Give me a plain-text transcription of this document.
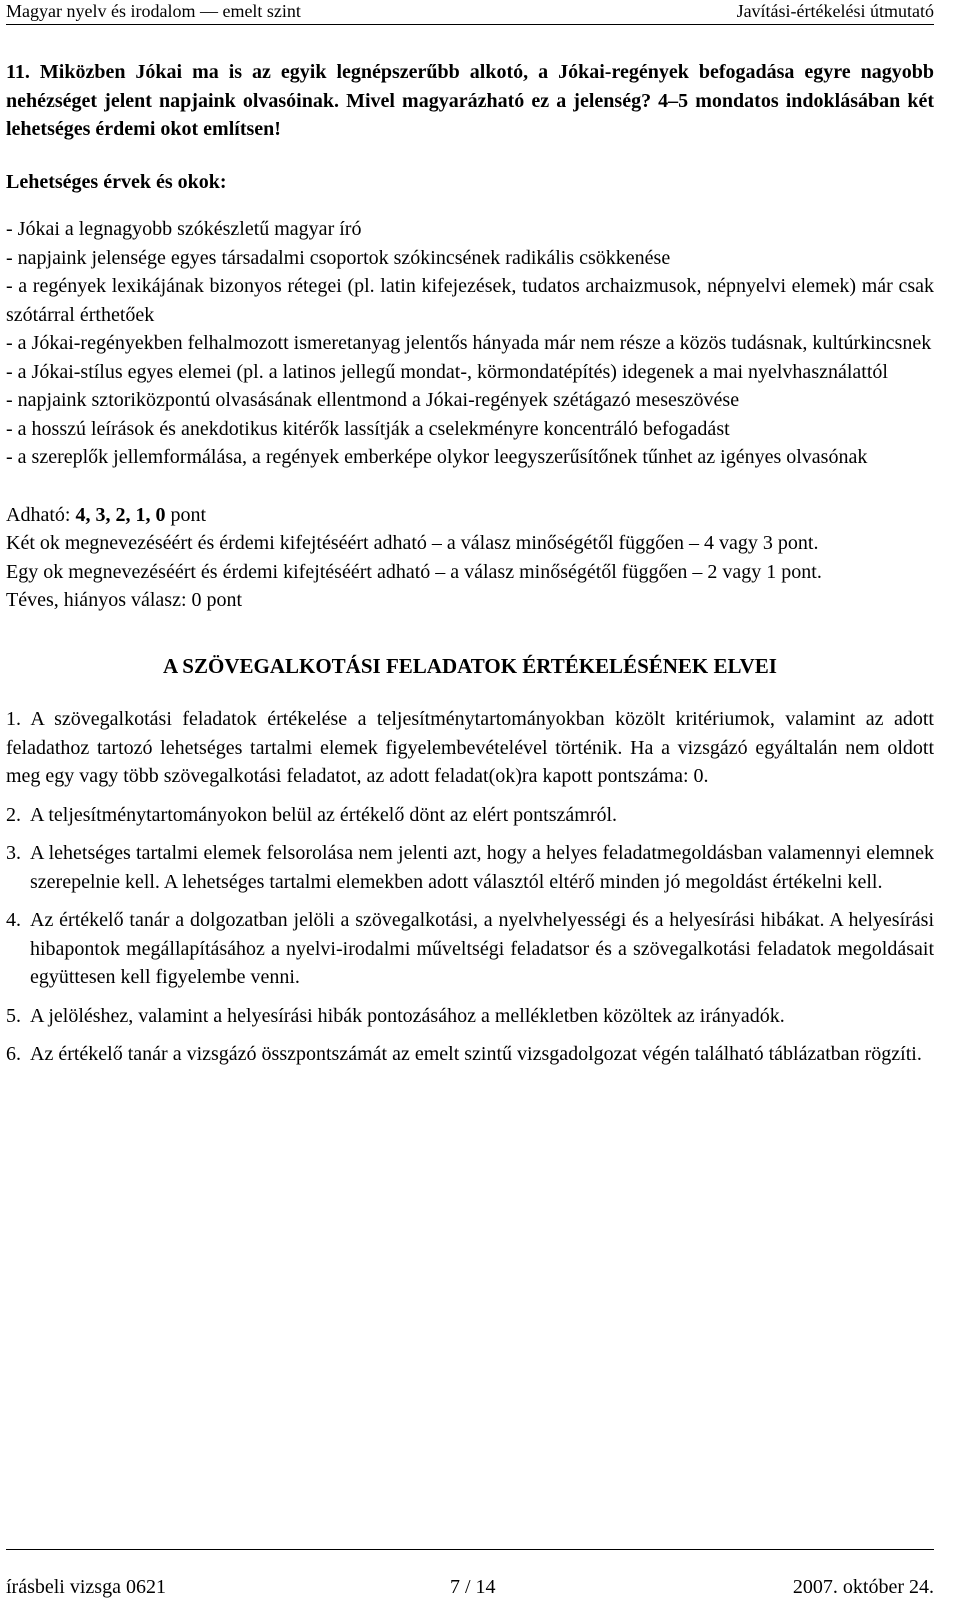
Magyar nyelv és irodalom — emelt szint	Javítási-értékelési útmutató

11. Miközben Jókai ma is az egyik legnépszerűbb alkotó, a Jókai-regények befogadása egyre nagyobb nehézséget jelent napjaink olvasóinak. Mivel magyarázható ez a jelenség? 4–5 mondatos indoklásában két lehetséges érdemi okot említsen!

Lehetséges érvek és okok:

- Jókai a legnagyobb szókészletű magyar író
- napjaink jelensége egyes társadalmi csoportok szókincsének radikális csökkenése
- a regények lexikájának bizonyos rétegei (pl. latin kifejezések, tudatos archaizmusok, népnyelvi elemek) már csak szótárral érthetőek
- a Jókai-regényekben felhalmozott ismeretanyag jelentős hányada már nem része a közös tudásnak, kultúrkincsnek
- a Jókai-stílus egyes elemei (pl. a latinos jellegű mondat-, körmondatépítés) idegenek a mai nyelvhasználattól
- napjaink sztoriközpontú olvasásának ellentmond a Jókai-regények szétágazó meseszövése
- a hosszú leírások és anekdotikus kitérők lassítják a cselekményre koncentráló befogadást
- a szereplők jellemformálása, a regények emberképe olykor leegyszerűsítőnek tűnhet az igényes olvasónak

Adható: 4, 3, 2, 1, 0 pont

Két ok megnevezéséért és érdemi kifejtéséért adható – a válasz minőségétől függően – 4 vagy 3 pont.

Egy ok megnevezéséért és érdemi kifejtéséért adható – a válasz minőségétől függően – 2 vagy 1 pont.

Téves, hiányos válasz: 0 pont

A SZÖVEGALKOTÁSI FELADATOK ÉRTÉKELÉSÉNEK ELVEI

1. A szövegalkotási feladatok értékelése a teljesítménytartományokban közölt kritériumok, valamint az adott feladathoz tartozó lehetséges tartalmi elemek figyelembevételével történik. Ha a vizsgázó egyáltalán nem oldott meg egy vagy több szövegalkotási feladatot, az adott feladat(ok)ra kapott pontszáma: 0.
2. A teljesítménytartományokon belül az értékelő dönt az elért pontszámról.
3. A lehetséges tartalmi elemek felsorolása nem jelenti azt, hogy a helyes feladatmegoldásban valamennyi elemnek szerepelnie kell. A lehetséges tartalmi elemekben adott választól eltérő minden jó megoldást értékelni kell.
4. Az értékelő tanár a dolgozatban jelöli a szövegalkotási, a nyelvhelyességi és a helyesírási hibákat. A helyesírási hibapontok megállapításához a nyelvi-irodalmi műveltségi feladatsor és a szövegalkotási feladatok megoldásait együttesen kell figyelembe venni.
5. A jelöléshez, valamint a helyesírási hibák pontozásához a mellékletben közöltek az irányadók.
6. Az értékelő tanár a vizsgázó összpontszámát az emelt szintű vizsgadolgozat végén található táblázatban rögzíti.
írásbeli vizsga 0621	7 / 14	2007. október 24.
